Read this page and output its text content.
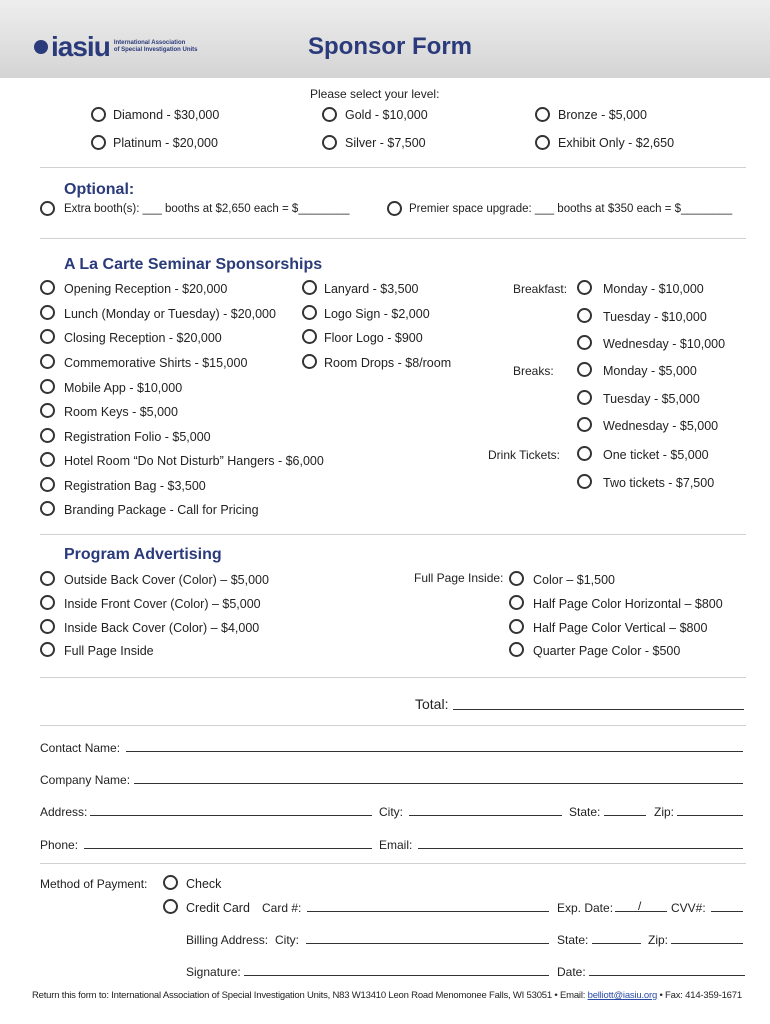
iasiu International Association
of Special Investigation Units	Sponsor Form
Please select your level:
Diamond - $30,000	Gold - $10,000	Bronze - $5,000
Platinum - $20,000	Silver - $7,500	Exhibit Only - $2,650
Optional:
Extra booth(s): ___ booths at $2,650 each = $________	Premier space upgrade: ___ booths at $350 each = $________
A La Carte Seminar Sponsorships
Opening Reception - $20,000
Lunch (Monday or Tuesday) - $20,000
Closing Reception - $20,000
Commemorative Shirts - $15,000
Mobile App - $10,000
Room Keys - $5,000
Registration Folio - $5,000
Hotel Room “Do Not Disturb” Hangers - $6,000
Registration Bag - $3,500
Branding Package - Call for Pricing
Lanyard - $3,500
Logo Sign - $2,000
Floor Logo - $900
Room Drops - $8/room
Breakfast:	Monday - $10,000
Tuesday - $10,000
Wednesday - $10,000
Breaks:	Monday - $5,000
Tuesday - $5,000
Wednesday - $5,000
Drink Tickets:	One ticket - $5,000
Two tickets - $7,500
Program Advertising
Outside Back Cover (Color) – $5,000
Inside Front Cover (Color) – $5,000
Inside Back Cover (Color) – $4,000
Full Page Inside
Full Page Inside: Color – $1,500
Half Page Color Horizontal – $800
Half Page Color Vertical – $800
Quarter Page Color - $500
Total:
Contact Name:
Company Name:
Address:	City:	State:	Zip:
Phone:	Email:
Method of Payment:	Check
Credit Card Card #:	Exp. Date: / CVV#:
Billing Address: City:	State:	Zip:
Signature:	Date:
Return this form to: International Association of Special Investigation Units, N83 W13410 Leon Road Menomonee Falls, WI 53051 • Email: belliott@iasiu.org • Fax: 414-359-1671
